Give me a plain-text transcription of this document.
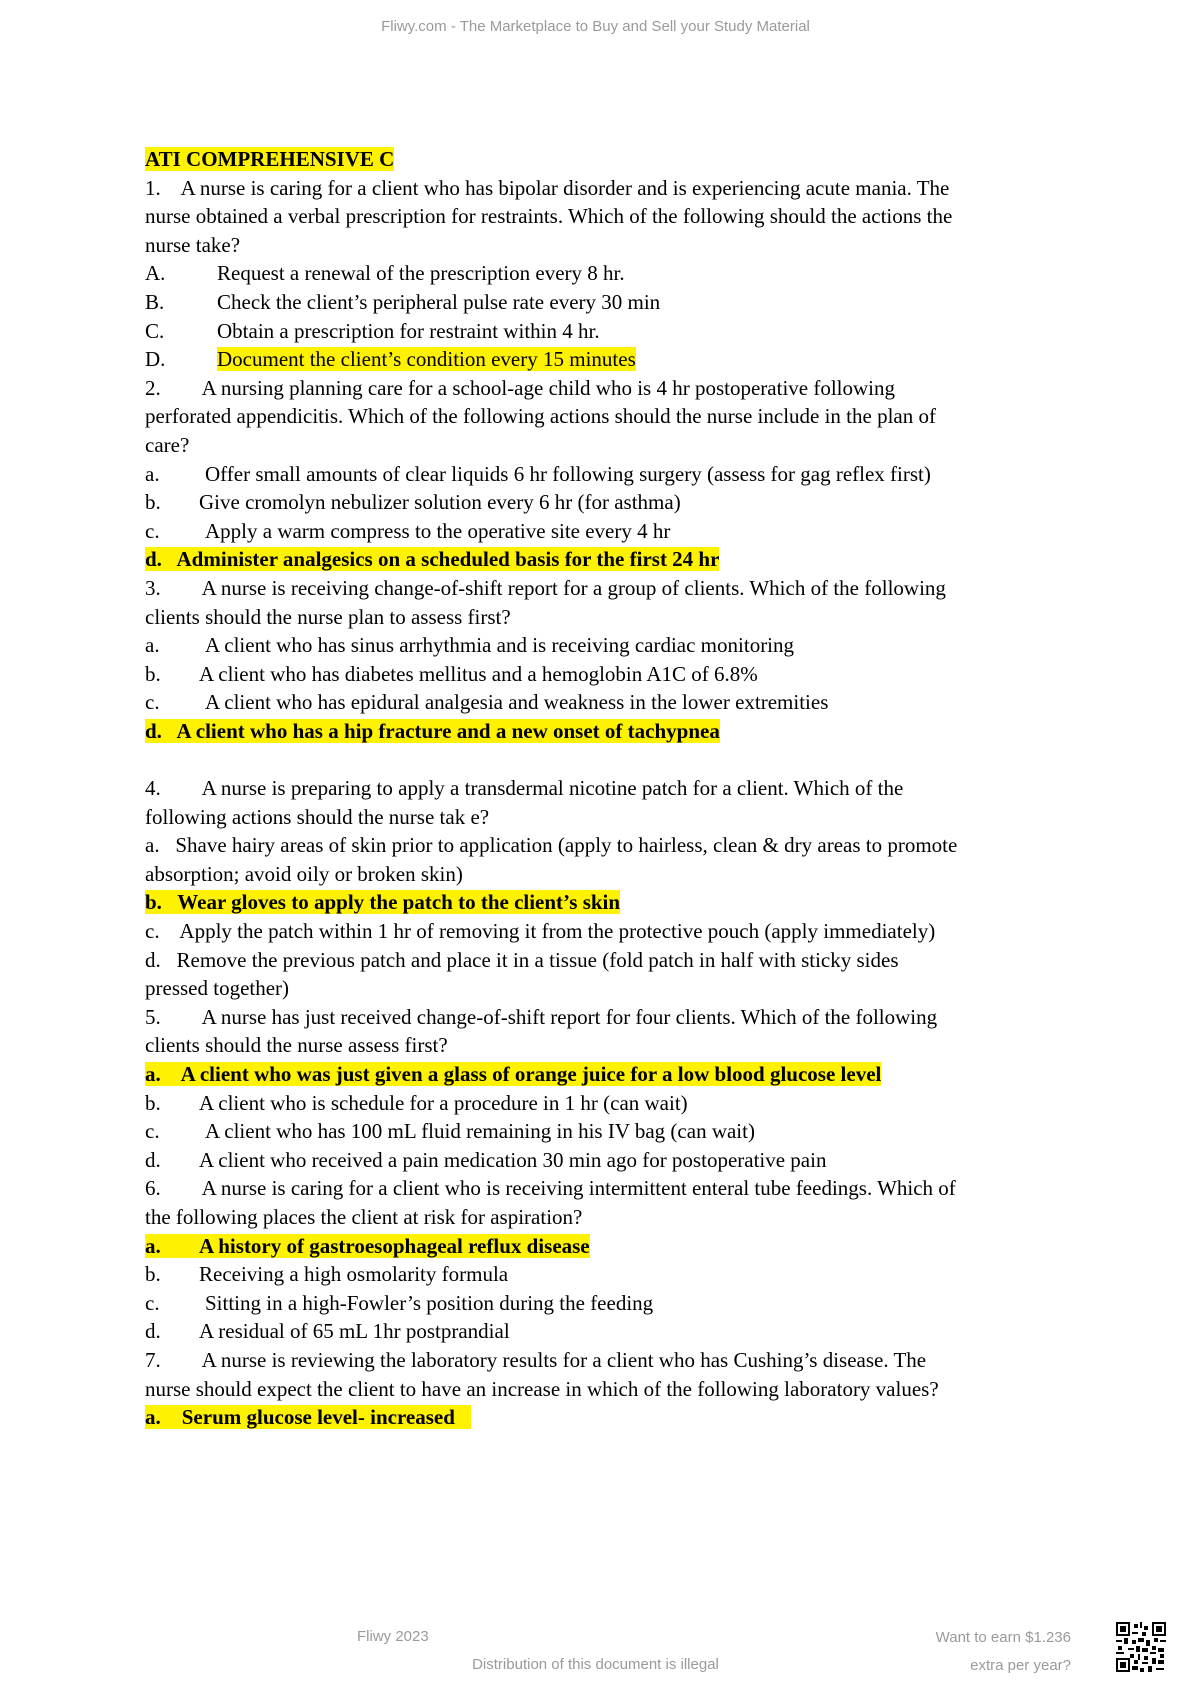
Fliwy.com - The Marketplace to Buy and Sell your Study Material
ATI COMPREHENSIVE C
1.    A nurse is caring for a client who has bipolar disorder and is experiencing acute mania. The
nurse obtained a verbal prescription for restraints. Which of the following should the actions the
nurse take?
A. Request a renewal of the prescription every 8 hr.
B.	Check the client’s peripheral pulse rate every 30 min
C.	Obtain a prescription for restraint within 4 hr.
D. Document the client’s condition every 15 minutes
2.        A nursing planning care for a school-age child who is 4 hr postoperative following
perforated appendicitis. Which of the following actions should the nurse include in the plan of
care?
a. Offer small amounts of clear liquids 6 hr following surgery (assess for gag reflex first)
b. Give cromolyn nebulizer solution every 6 hr (for asthma)
c. Apply a warm compress to the operative site every 4 hr
d.   Administer analgesics on a scheduled basis for the first 24 hr
3.        A nurse is receiving change-of-shift report for a group of clients. Which of the following
clients should the nurse plan to assess first?
a. A client who has sinus arrhythmia and is receiving cardiac monitoring
b. A client who has diabetes mellitus and a hemoglobin A1C of 6.8%
c. A client who has epidural analgesia and weakness in the lower extremities
d.   A client who has a hip fracture and a new onset of tachypnea
4.        A nurse is preparing to apply a transdermal nicotine patch for a client. Which of the
following actions should the nurse tak e?
a.   Shave hairy areas of skin prior to application (apply to hairless, clean & dry areas to promote
absorption; avoid oily or broken skin)
b.   Wear gloves to apply the patch to the client’s skin
c.    Apply the patch within 1 hr of removing it from the protective pouch (apply immediately)
d.   Remove the previous patch and place it in a tissue (fold patch in half with sticky sides
pressed together)
5.        A nurse has just received change-of-shift report for four clients. Which of the following
clients should the nurse assess first?
a.    A client who was just given a glass of orange juice for a low blood glucose level
b. A client who is schedule for a procedure in 1 hr (can wait)
c. A client who has 100 mL fluid remaining in his IV bag (can wait)
d. A client who received a pain medication 30 min ago for postoperative pain
6.        A nurse is caring for a client who is receiving intermittent enteral tube feedings. Which of
the following places the client at risk for aspiration?
a. A history of gastroesophageal reflux disease
b. Receiving a high osmolarity formula
c. Sitting in a high-Fowler’s position during the feeding
d. A residual of 65 mL 1hr postprandial
7.        A nurse is reviewing the laboratory results for a client who has Cushing’s disease. The
nurse should expect the client to have an increase in which of the following laboratory values?
a.    Serum glucose level- increased
Fliwy 2023
Distribution of this document is illegal
Want to earn $1.236
extra per year?
